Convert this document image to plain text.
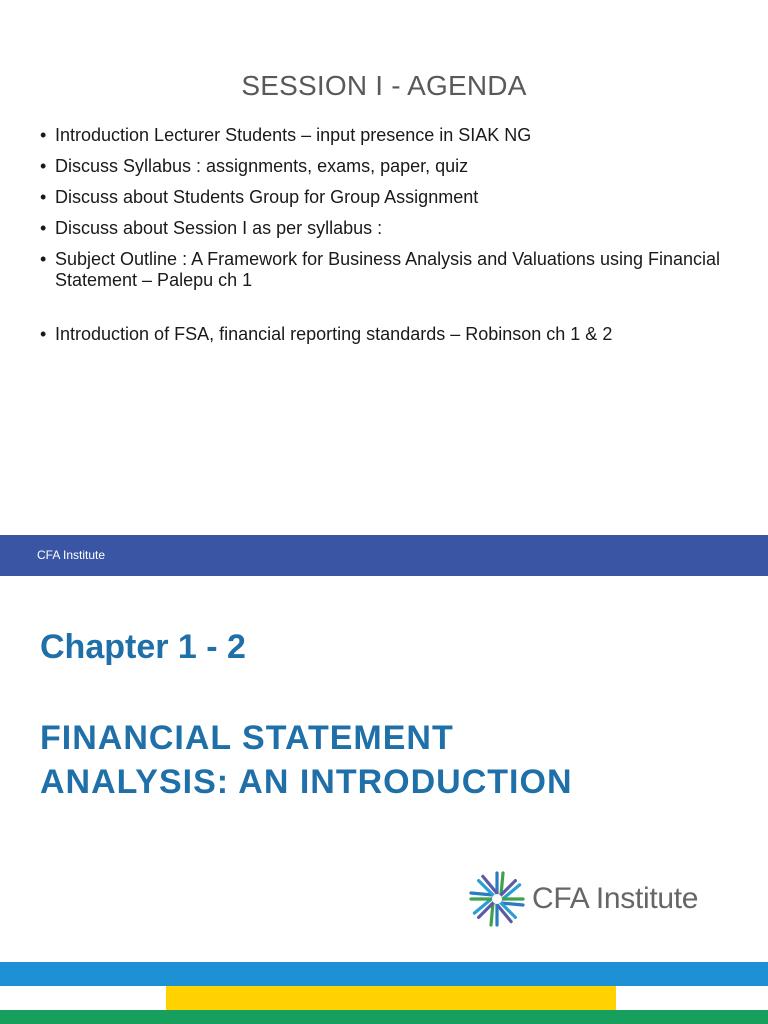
SESSION I - AGENDA
• Introduction Lecturer Students – input presence in SIAK NG
• Discuss Syllabus : assignments, exams, paper, quiz
• Discuss about Students Group for Group Assignment
• Discuss about Session I as per syllabus :
• Subject Outline : A Framework for Business Analysis and Valuations using Financial Statement – Palepu ch 1
• Introduction of FSA, financial reporting standards – Robinson ch 1 & 2
CFA Institute
Chapter 1 - 2
FINANCIAL STATEMENT
ANALYSIS: AN INTRODUCTION
CFA Institute
